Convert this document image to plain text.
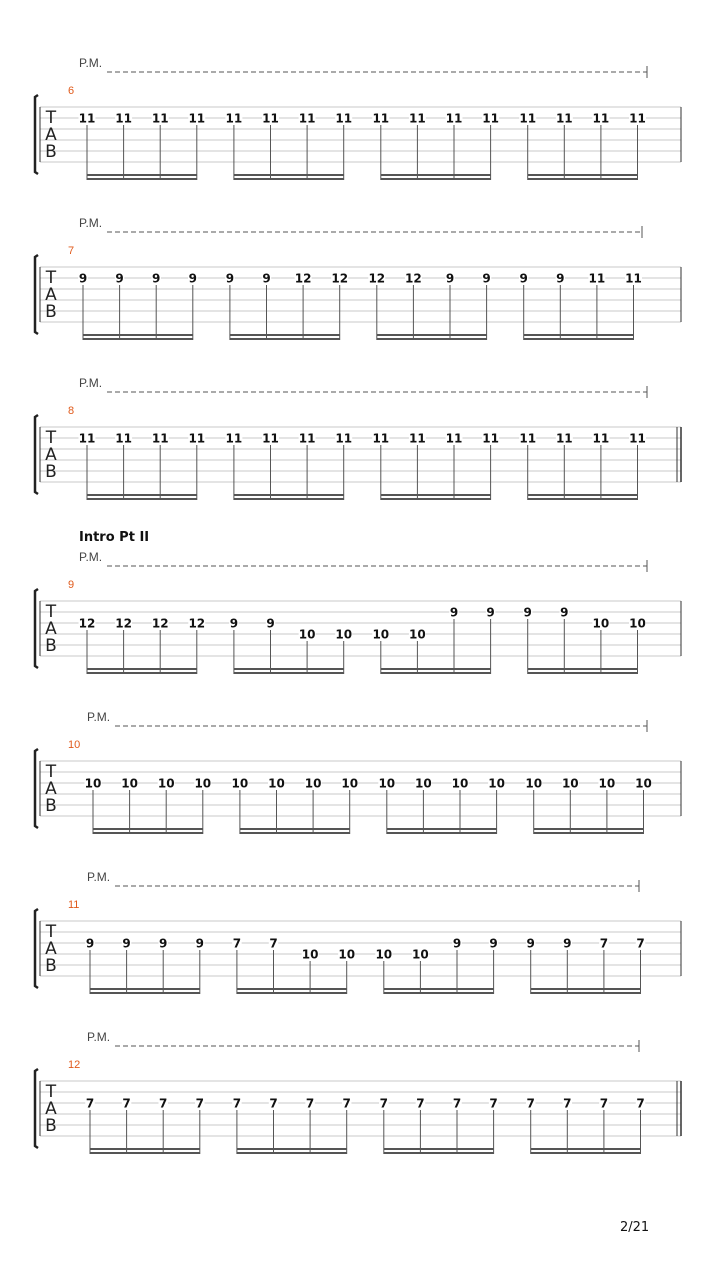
T
A
B
6
P.M.
11 11 11 11 11 11 11 11 11 11 11 11 11 11 11 11
T
A
B
7
P.M.
9 9 9 9 9 9 12 12 12 12 9 9 9 9 11 11
T
A
B
8
P.M.
11 11 11 11 11 11 11 11 11 11 11 11 11 11 11 11
T
A
B
9
Intro Pt II
P.M.
12 12 12 12 9 9
10 10 10 10
9 9 9 9
10 10
T
A
B
10
P.M.
10 10 10 10 10 10 10 10 10 10 10 10 10 10 10 10
T
A
B
11
P.M.
9 9 9 9 7 7
10 10 10 10
9 9 9 9 7 7
T
A
B
12
P.M.
7 7 7 7 7 7 7 7 7 7 7 7 7 7 7 7
2/21
